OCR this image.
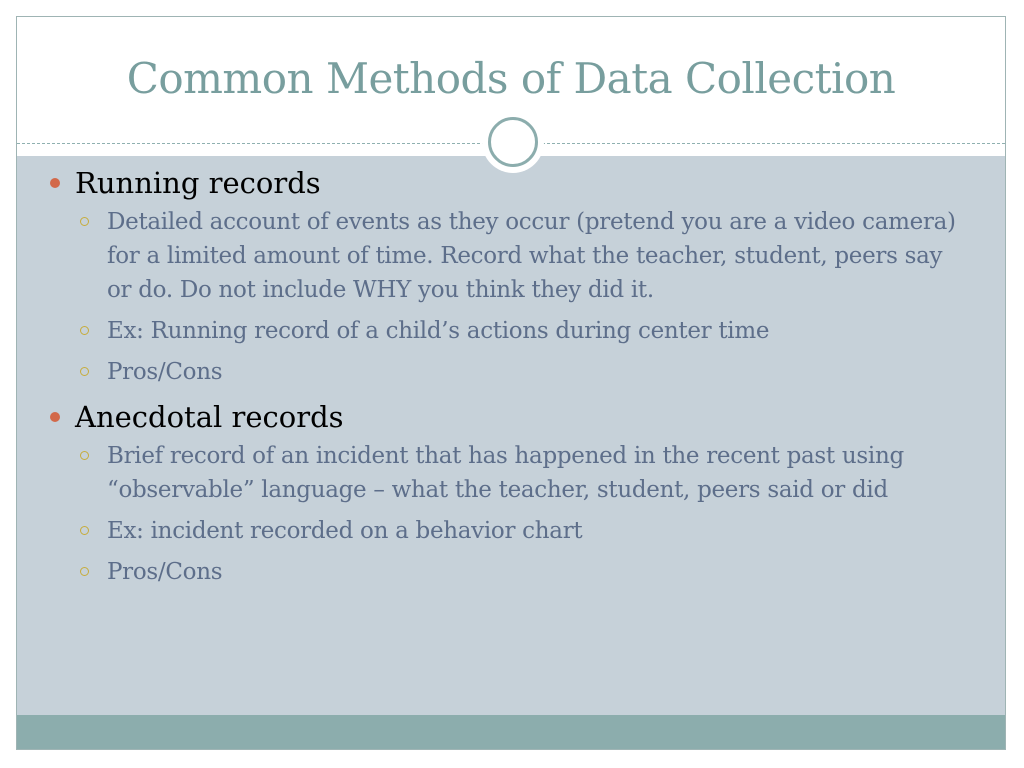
Common Methods of Data Collection
Running records
Detailed account of events as they occur (pretend you are a video camera) for a limited amount of time. Record what the teacher, student, peers say or do. Do not include WHY you think they did it.
Ex: Running record of a child’s actions during center time
Pros/Cons
Anecdotal records
Brief record of an incident that has happened in the recent past using “observable” language – what the teacher, student, peers said or did
Ex: incident recorded on a behavior chart
Pros/Cons
